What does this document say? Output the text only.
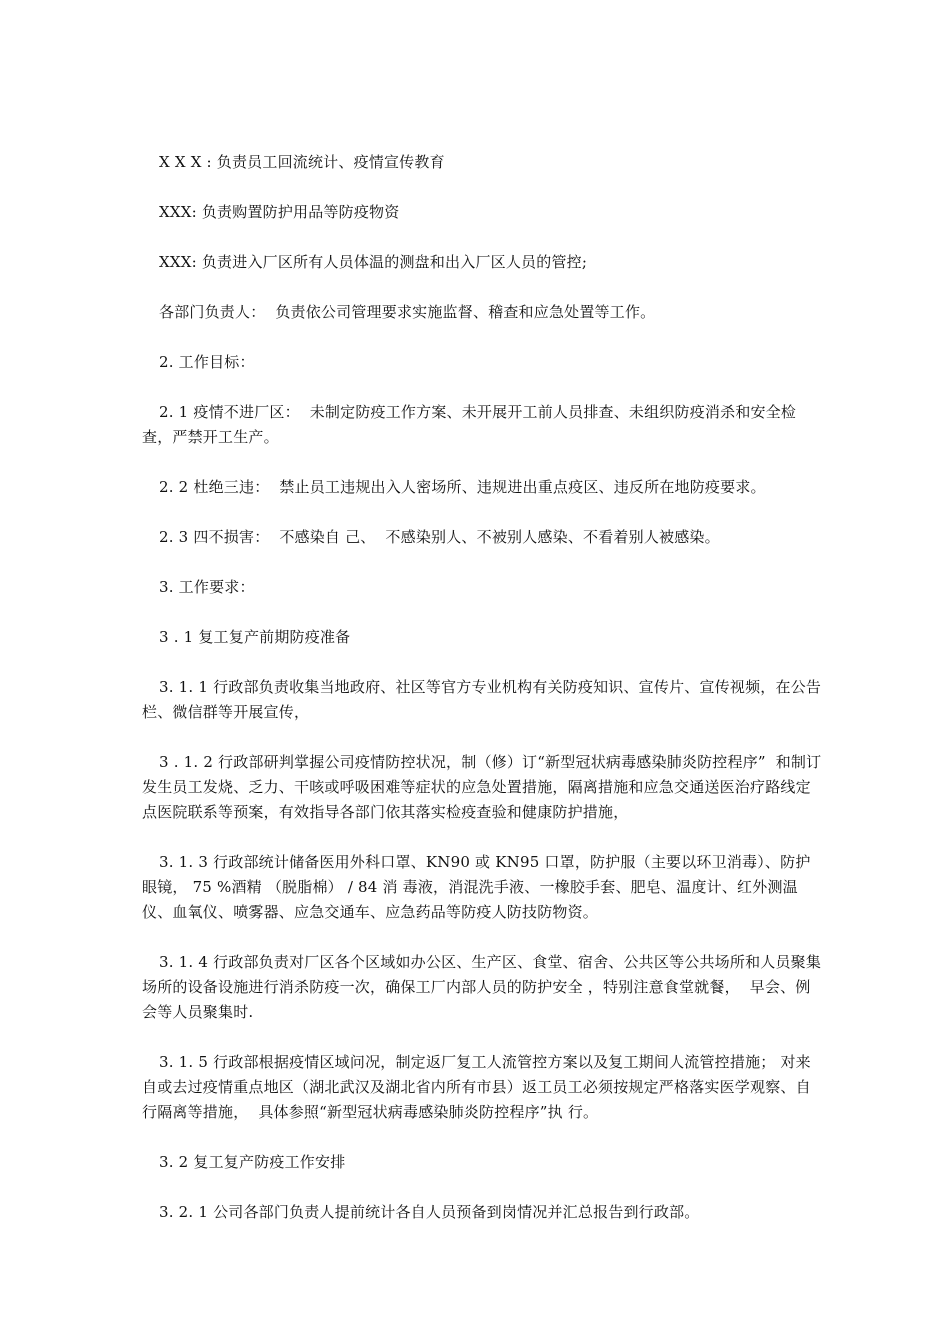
X X X : 负责员工回流统计、疫情宣传教育

XXX: 负责购置防护用品等防疫物资

XXX: 负责进入厂区所有人员体温的测盘和出入厂区人员的管控;

各部门负责人：  负责依公司管理要求实施监督、稽查和应急处置等工作。

2. 工作目标：

2. 1 疫情不进厂区：  未制定防疫工作方案、未开展开工前人员排查、未组织防疫消杀和安全检查，严禁开工生产。

2. 2 杜绝三违：  禁止员工违规出入人密场所、违规进出重点疫区、违反所在地防疫要求。

2. 3 四不损害：  不感染自 己、  不感染别人、不被别人感染、不看着别人被感染。

3. 工作要求：

3 . 1 复工复产前期防疫准备

3. 1. 1 行政部负责收集当地政府、社区等官方专业机构有关防疫知识、宣传片、宣传视频，在公告栏、微信群等开展宣传，

3 . 1. 2 行政部研判掌握公司疫情防控状况，制（修）订“新型冠状病毒感染肺炎防控程序”  和制订发生员工发烧、乏力、干咳或呼吸困难等症状的应急处置措施，隔离措施和应急交通送医治疗路线定点医院联系等预案，有效指导各部门依其落实检疫查验和健康防护措施，

3. 1. 3 行政部统计储备医用外科口罩、KN90 或 KN95 口罩，防护服（主要以环卫消毒）、防护眼镜， 75 %酒精 （脱脂棉） / 84 消 毒液，消混洗手液、一橡胶手套、肥皂、温度计、红外测温仪、血氧仪、喷雾器、应急交通车、应急药品等防疫人防技防物资。

3. 1. 4 行政部负责对厂区各个区域如办公区、生产区、食堂、宿舍、公共区等公共场所和人员聚集场所的设备设施进行消杀防疫一次，确保工厂内部人员的防护安全 ，特别注意食堂就餐，  早会、例会等人员聚集时.

3. 1. 5 行政部根据疫情区域问况，制定返厂复工人流管控方案以及复工期间人流管控措施； 对来自或去过疫情重点地区（湖北武汉及湖北省内所有市县）返工员工必须按规定严格落实医学观察、自行隔离等措施，  具体参照“新型冠状病毒感染肺炎防控程序”执 行。

3. 2 复工复产防疫工作安排

3. 2. 1 公司各部门负责人提前统计各自人员预备到岗情况并汇总报告到行政部。
